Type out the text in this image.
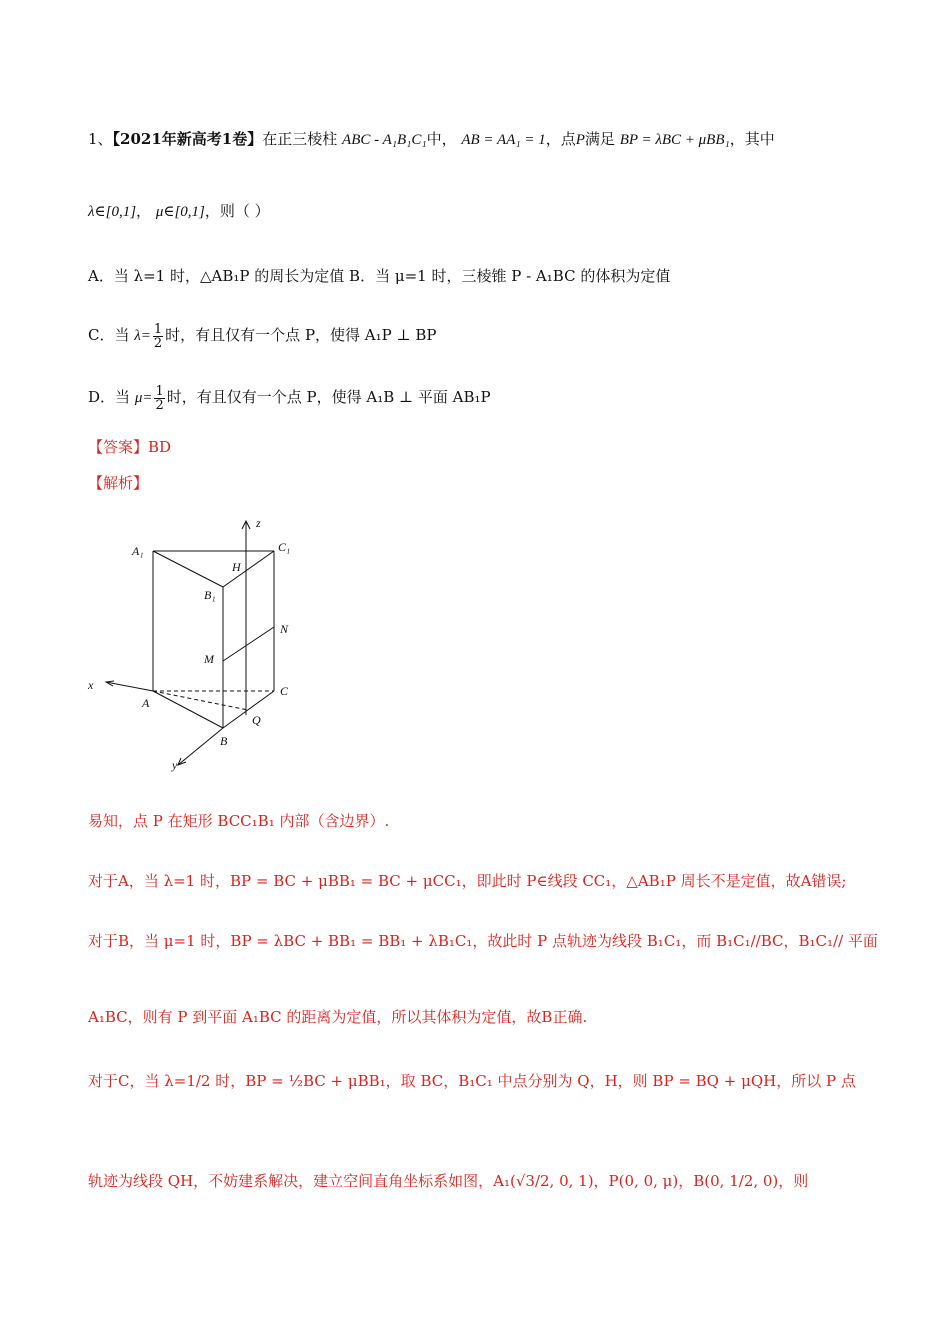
1、【2021年新高考1卷】在正三棱柱 ABC - A₁B₁C₁中， AB = AA₁ = 1，点P满足 BP = λBC + μBB₁，其中
λ∈[0,1]， μ∈[0,1]，则（ ）
A．当 λ=1 时，△AB₁P 的周长为定值 B．当 μ=1 时，三棱锥 P - A₁BC 的体积为定值
C．当 $\lambda= \frac{1}{2}$ 时，有且仅有一个点 P，使得 A₁P ⊥ BP
D．当 $\mu= \frac{1}{2}$ 时，有且仅有一个点 P，使得 A₁B ⊥ 平面 AB₁P
【答案】BD
【解析】
z
C₁
A₁
H
B₁
N
M
x	C
A
Q
B
y
易知，点 P 在矩形 BCC₁B₁ 内部（含边界）.
对于A，当 λ=1 时，BP = BC + μBB₁ = BC + μCC₁，即此时 P∈线段 CC₁，△AB₁P 周长不是定值，故A错误;
对于B，当 μ=1 时，BP = λBC + BB₁ = BB₁ + λB₁C₁，故此时 P 点轨迹为线段 B₁C₁，而 B₁C₁//BC，B₁C₁// 平面
A₁BC，则有 P 到平面 A₁BC 的距离为定值，所以其体积为定值，故B正确.
对于C，当 λ=1/2 时，BP = ½BC + μBB₁，取 BC，B₁C₁ 中点分别为 Q，H，则 BP = BQ + μQH，所以 P 点
轨迹为线段 QH，不妨建系解决，建立空间直角坐标系如图，A₁(√3/2, 0, 1)，P(0, 0, μ)，B(0, 1/2, 0)，则
